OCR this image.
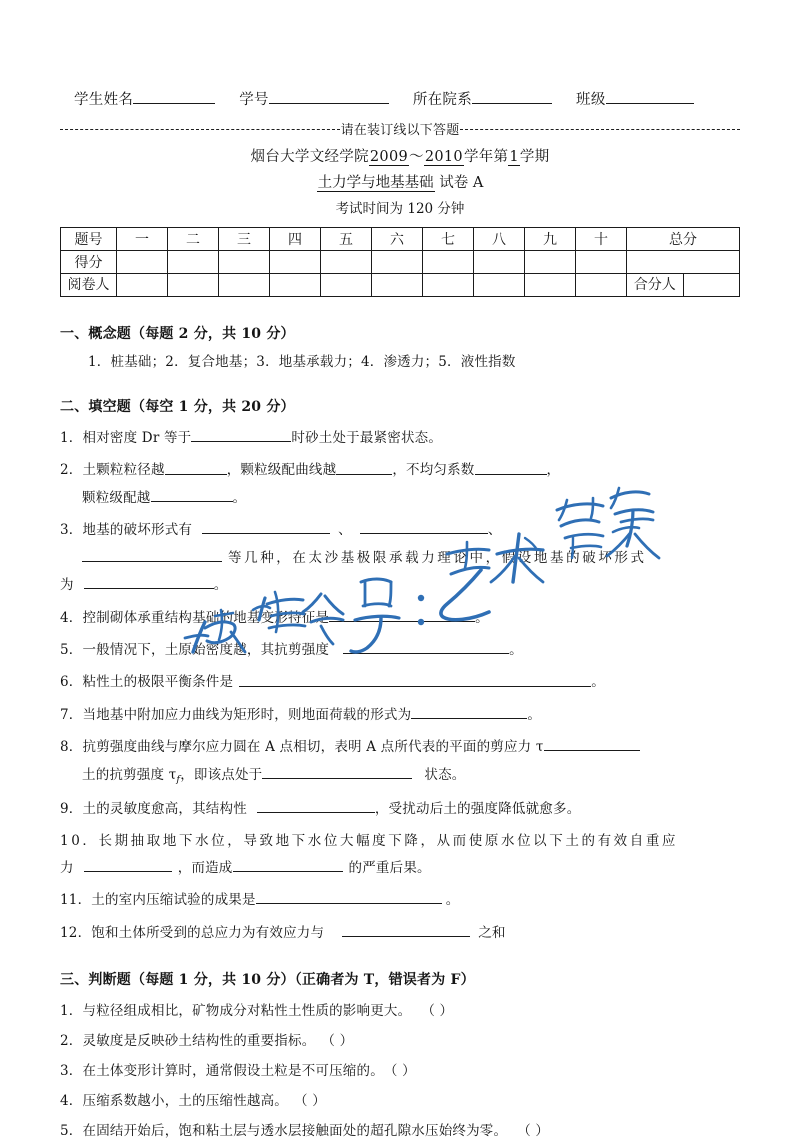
学生姓名	学号	所在院系	班级
请在装订线以下答题
烟台大学文经学院2009～2010学年第1学期
土力学与地基基础 试卷 A
考试时间为 120 分钟
题号	一	二	三	四	五	六	七	八	九	十	总分	
得分												
阅卷人											合分人	
一、概念题（每题 2 分，共 10 分）
1．桩基础；2．复合地基；3．地基承载力；4．渗透力；5．液性指数
二、填空题（每空 1 分，共 20 分）
1．相对密度 Dr 等于	时砂土处于最紧密状态。
2．土颗粒粒径越	，颗粒级配曲线越	，不均匀系数	，
颗粒级配越	。
3．地基的破坏形式有	、	、
等几种，在太沙基极限承载力理论中，假设地基的破坏形式
为	。
4．控制砌体承重结构基础的地基变形特征是	。
5．一般情况下，土原始密度越，其抗剪强度	。
6．粘性土的极限平衡条件是	。
7．当地基中附加应力曲线为矩形时，则地面荷载的形式为	。
8．抗剪强度曲线与摩尔应力圆在 A 点相切，表明 A 点所代表的平面的剪应力 τ
土的抗剪强度 $\tau_f$，即该点处于	状态。
9．土的灵敏度愈高，其结构性	，受扰动后土的强度降低就愈多。
10．长期抽取地下水位，导致地下水位大幅度下降，从而使原水位以下土的有效自重应
力	，而造成	的严重后果。
11．土的室内压缩试验的成果是	。
12．饱和土体所受到的总应力为有效应力与	之和
三、判断题（每题 1 分，共 10 分）（正确者为 T，错误者为 F）
1．与粒径组成相比，矿物成分对粘性土性质的影响更大。 （ ）
2．灵敏度是反映砂土结构性的重要指标。 （ ）
3．在土体变形计算时，通常假设土粒是不可压缩的。（ ）
4．压缩系数越小，土的压缩性越高。 （ ）
5．在固结开始后，饱和粘土层与透水层接触面处的超孔隙水压始终为零。 （ ）
